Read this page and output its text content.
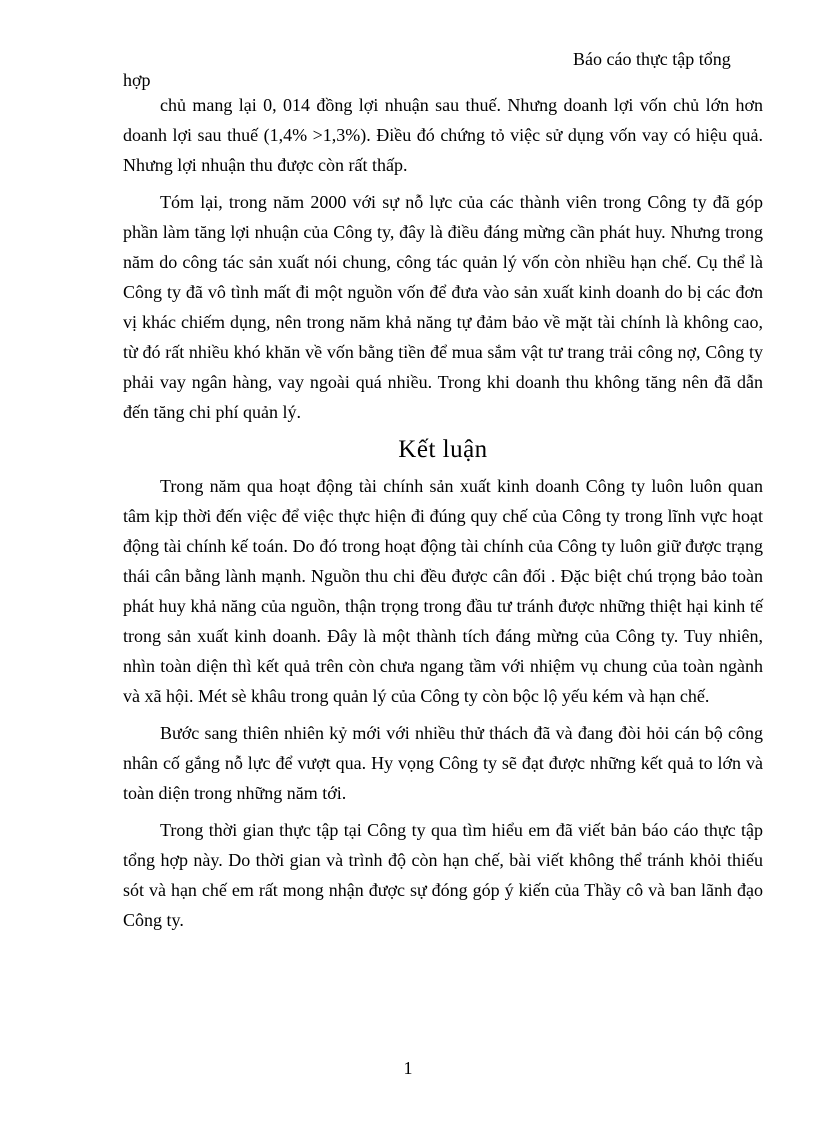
Báo cáo thực tập tổng
hợp

chủ mang lại 0, 014 đồng lợi nhuận sau thuế. Nhưng doanh lợi vốn chủ lớn hơn doanh lợi sau thuế (1,4% >1,3%). Điều đó chứng tỏ việc sử dụng vốn vay có hiệu quả. Nhưng lợi nhuận thu được còn rất thấp.

Tóm lại, trong năm 2000 với sự nỗ lực của các thành viên trong Công ty đã góp phần làm tăng lợi nhuận của Công ty, đây là điều đáng mừng cần phát huy. Nhưng trong năm do công tác sản xuất nói chung, công tác quản lý vốn còn nhiều hạn chế. Cụ thể là Công ty đã vô tình mất đi một nguồn vốn để đưa vào sản xuất kinh doanh do bị các đơn vị khác chiếm dụng, nên trong năm khả năng tự đảm bảo về mặt tài chính là không cao, từ đó rất nhiều khó khăn về vốn bằng tiền để mua sắm vật tư trang trải công nợ, Công ty phải vay ngân hàng, vay ngoài quá nhiều. Trong khi doanh thu không tăng nên đã dẫn đến tăng chi phí quản lý.

Kết luận

Trong năm qua hoạt động tài chính sản xuất kinh doanh Công ty luôn luôn quan tâm kịp thời đến việc để việc thực hiện đi đúng quy chế của Công ty trong lĩnh vực hoạt động tài chính kế toán. Do đó trong hoạt động tài chính của Công ty luôn giữ được trạng thái cân bằng lành mạnh. Nguồn thu chi đều được cân đối . Đặc biệt chú trọng bảo toàn phát huy khả năng của nguồn, thận trọng trong đầu tư tránh được những thiệt hại kinh tế trong sản xuất kinh doanh. Đây là một thành tích đáng mừng của Công ty. Tuy nhiên, nhìn toàn diện thì kết quả trên còn chưa ngang tầm với nhiệm vụ chung của toàn ngành và xã hội. Mét sè khâu trong quản lý của Công ty còn bộc lộ yếu kém và hạn chế.

Bước sang thiên nhiên kỷ mới với nhiều thử thách đã và đang đòi hỏi cán bộ công nhân cố gắng nỗ lực để vượt qua. Hy vọng Công ty sẽ đạt được những kết quả to lớn và toàn diện trong những năm tới.

Trong thời gian thực tập tại Công ty qua tìm hiểu em đã viết bản báo cáo thực tập tổng hợp này. Do thời gian và trình độ còn hạn chế, bài viết không thể tránh khỏi thiếu sót và hạn chế em rất mong nhận được sự đóng góp ý kiến của Thầy cô và ban lãnh đạo Công ty.

1
